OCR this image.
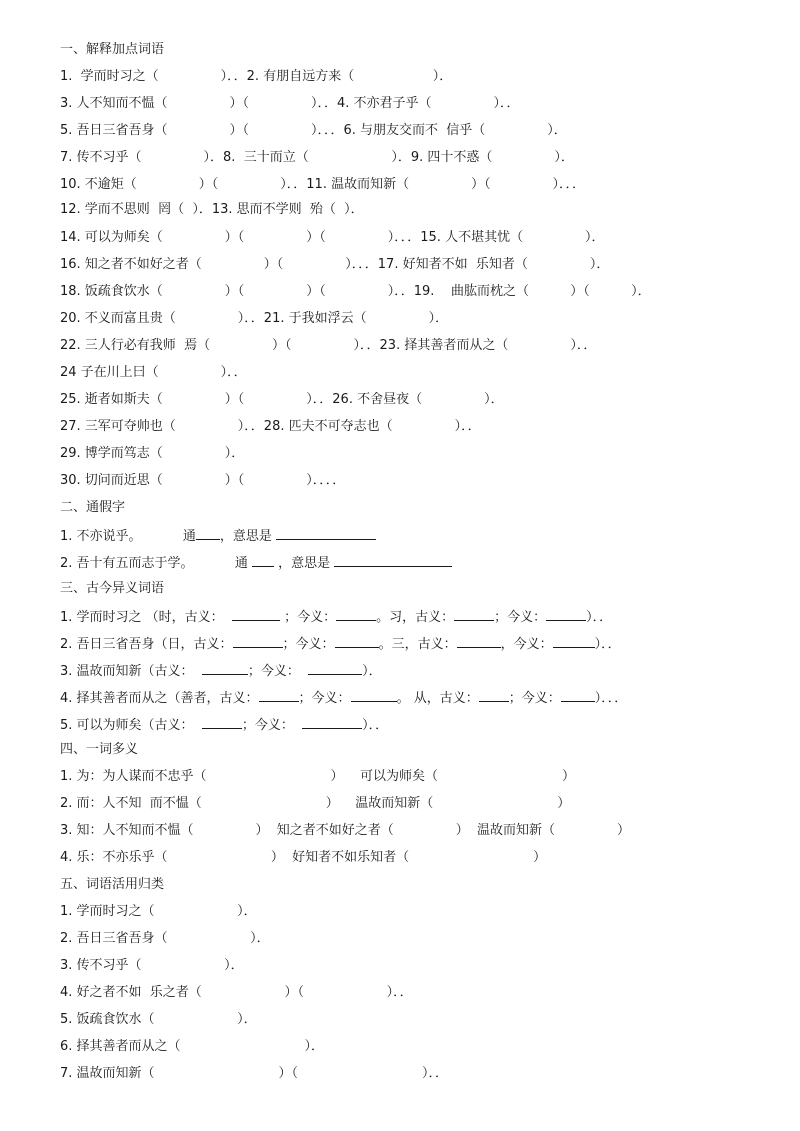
一、解释加点词语
1.  学而时习之（               ）．．2. 有朋自远方来（                   ）．
3. 人不知而不愠（               ）（               ）．．4. 不亦君子乎（               ）．．
5. 吾日三省吾身（               ）（               ）．．．6. 与朋友交而不  信乎（               ）．
7. 传不习乎（               ）．8.  三十而立（                    ）．9. 四十不惑（               ）．
10. 不逾矩（               ）（               ）．．11. 温故而知新（               ）（               ）．．．
12. 学而不思则  罔（  ）．13. 思而不学则  殆（  ）．
14. 可以为师矣（               ）（               ）（               ）．．．15. 人不堪其忧（               ）．
16. 知之者不如好之者（               ）（               ）．．．17. 好知者不如  乐知者（               ）．
18. 饭疏食饮水（               ）（               ）（               ）．．19.    曲肱而枕之（          ）（          ）．
20. 不义而富且贵（               ）．．21. 于我如浮云（               ）．
22. 三人行必有我师  焉（               ）（               ）．．23. 择其善者而从之（               ）．．
24 子在川上曰（               ）．．
25. 逝者如斯夫（               ）（               ）．．26. 不舍昼夜（               ）．
27. 三军可夺帅也（               ）．．28. 匹夫不可夺志也（               ）．．
29. 博学而笃志（               ）．
30. 切问而近思（               ）（               ）．．．．
二、通假字
1. 不亦说乎。          通 ，意思是
2. 吾十有五而志于学。          通  ，意思是
三、古今异义词语
1. 学而时习之 （时，古义：	；今义：	。习，古义：	；今义：	）．．
2. 吾日三省吾身（日，古义：	；今义：	。三，古义：	，今义：	）．．
3. 温故而知新（古义：	；今义：	）．
4. 择其善者而从之（善者，古义：	；今义：	。 从，古义： ；今义：	）．．．
5. 可以为师矣（古义：	；今义：	）．．
四、一词多义
1. 为：为人谋而不忠乎（                              ）    可以为师矣（                              ）
2. 而：人不知  而不愠（                              ）    温故而知新（                              ）
3. 知：人不知而不愠（               ）  知之者不如好之者（               ）  温故而知新（               ）
4. 乐：不亦乐乎（                         ）  好知者不如乐知者（                              ）
五、词语活用归类
1. 学而时习之（                    ）．
2. 吾日三省吾身（                    ）．
3. 传不习乎（                    ）．
4. 好之者不如  乐之者（                    ）（                    ）．．
5. 饭疏食饮水（                    ）．
6. 择其善者而从之（                              ）．
7. 温故而知新（                              ）（                              ）．．
